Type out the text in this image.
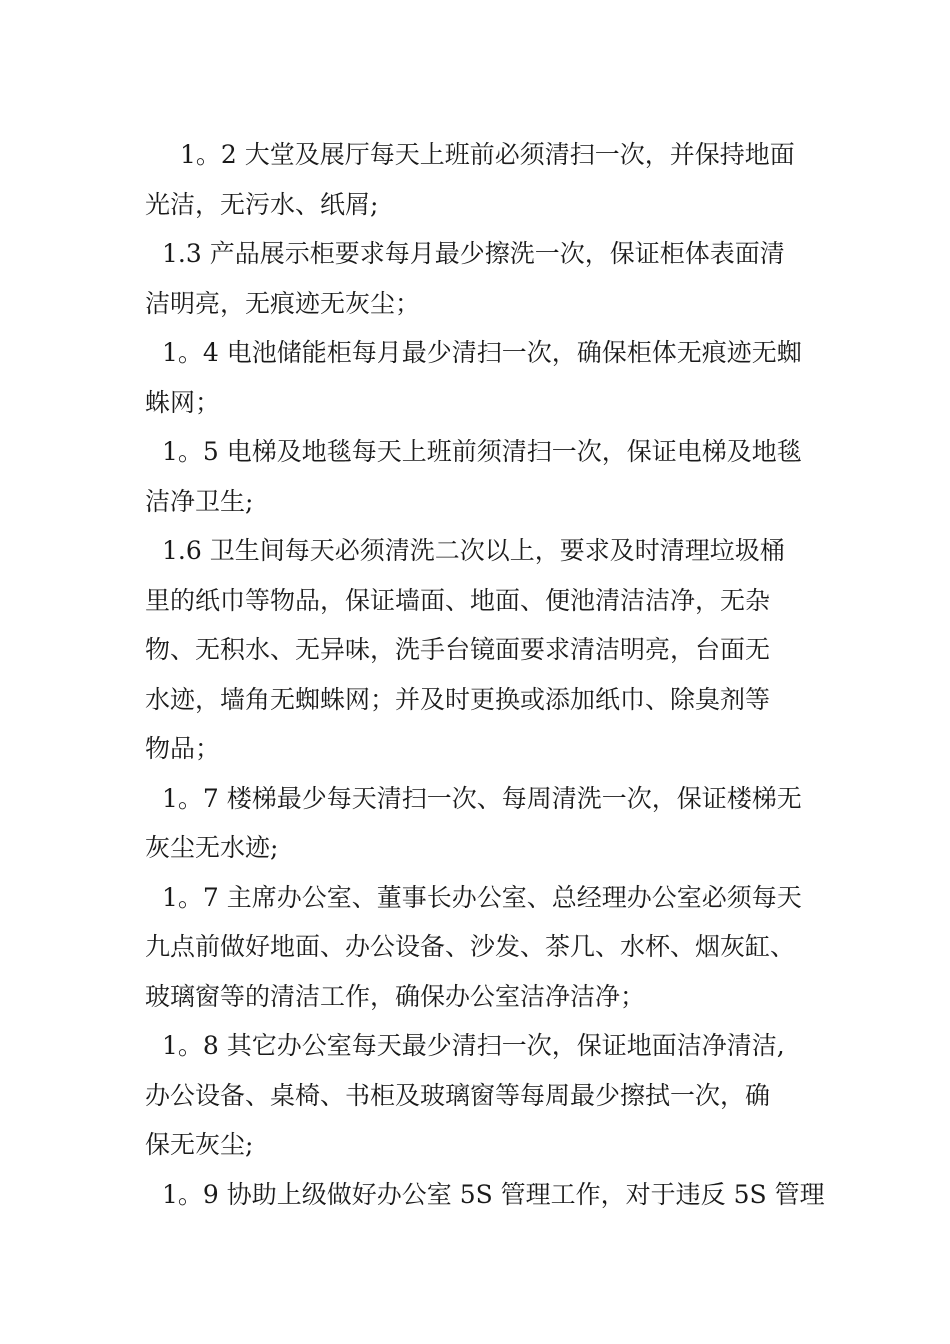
1。2 大堂及展厅每天上班前必须清扫一次，并保持地面
光洁，无污水、纸屑;
1.3 产品展示柜要求每月最少擦洗一次，保证柜体表面清
洁明亮，无痕迹无灰尘；
1。4 电池储能柜每月最少清扫一次，确保柜体无痕迹无蜘
蛛网；
1。5 电梯及地毯每天上班前须清扫一次，保证电梯及地毯
洁净卫生;
1.6 卫生间每天必须清洗二次以上，要求及时清理垃圾桶
里的纸巾等物品，保证墙面、地面、便池清洁洁净，无杂
物、无积水、无异味，洗手台镜面要求清洁明亮，台面无
水迹，墙角无蜘蛛网；并及时更换或添加纸巾、除臭剂等
物品；
1。7 楼梯最少每天清扫一次、每周清洗一次，保证楼梯无
灰尘无水迹;
1。7 主席办公室、董事长办公室、总经理办公室必须每天
九点前做好地面、办公设备、沙发、茶几、水杯、烟灰缸、
玻璃窗等的清洁工作，确保办公室洁净洁净；
1。8 其它办公室每天最少清扫一次，保证地面洁净清洁,
办公设备、桌椅、书柜及玻璃窗等每周最少擦拭一次，确
保无灰尘;
1。9 协助上级做好办公室 5S 管理工作，对于违反 5S 管理
